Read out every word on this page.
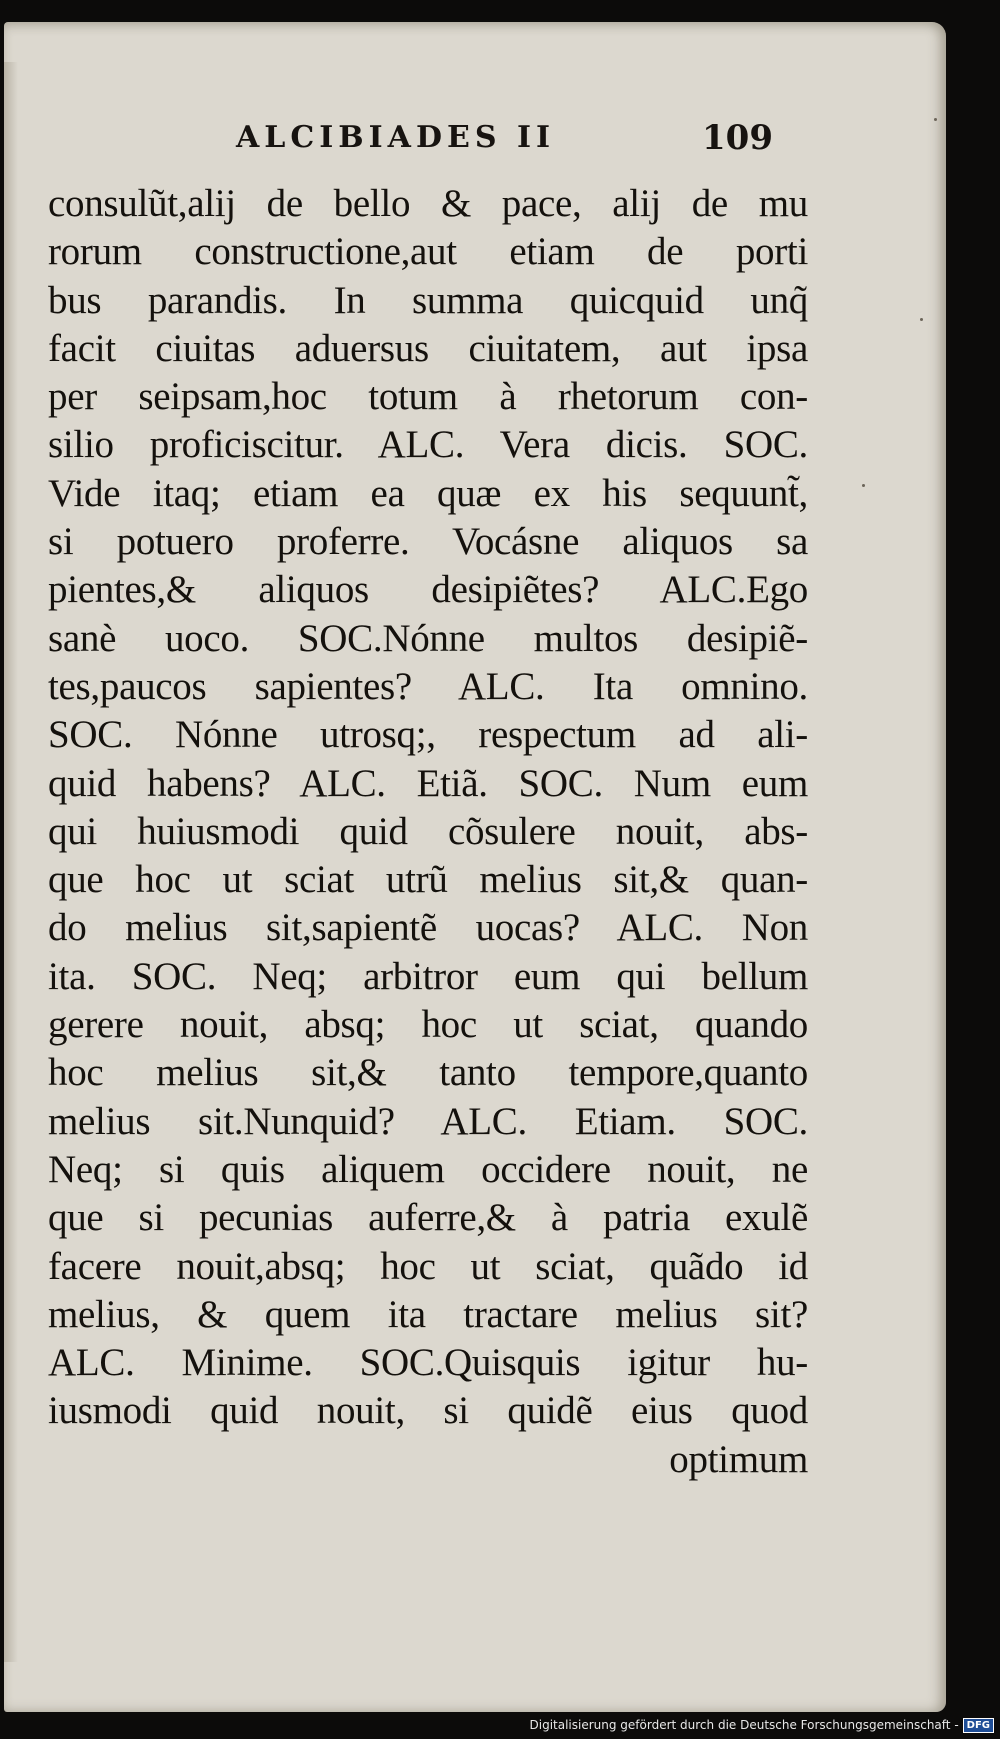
ALCIBIADES II	109
consulũt,alij de bello & pace, alij de mu
rorum constructione,aut etiam de porti
bus parandis. In summa quicquid unq̃
facit ciuitas aduersus ciuitatem, aut ipsa
per seipsam,hoc totum à rhetorum con-
silio proficiscitur. ALC. Vera dicis. SOC.
Vide itaq; etiam ea quæ ex his sequunt̃,
si potuero proferre. Vocásne aliquos sa
pientes,& aliquos desipiẽtes? ALC.Ego
sanè uoco. SOC.Nónne multos desipiẽ-
tes,paucos sapientes? ALC. Ita omnino.
SOC. Nónne utrosq;, respectum ad ali-
quid habens? ALC. Etiã. SOC. Num eum
qui huiusmodi quid cõsulere nouit, abs-
que hoc ut sciat utrũ melius sit,& quan-
do melius sit,sapientẽ uocas? ALC. Non
ita. SOC. Neq; arbitror eum qui bellum
gerere nouit, absq; hoc ut sciat, quando
hoc melius sit,& tanto tempore,quanto
melius sit.Nunquid? ALC. Etiam. SOC.
Neq; si quis aliquem occidere nouit, ne
que si pecunias auferre,& à patria exulẽ
facere nouit,absq; hoc ut sciat, quãdo id
melius, & quem ita tractare melius sit?
ALC. Minime. SOC.Quisquis igitur hu-
iusmodi quid nouit, si quidẽ eius quod
optimum
Digitalisierung gefördert durch die Deutsche Forschungsgemeinschaft - DFG
